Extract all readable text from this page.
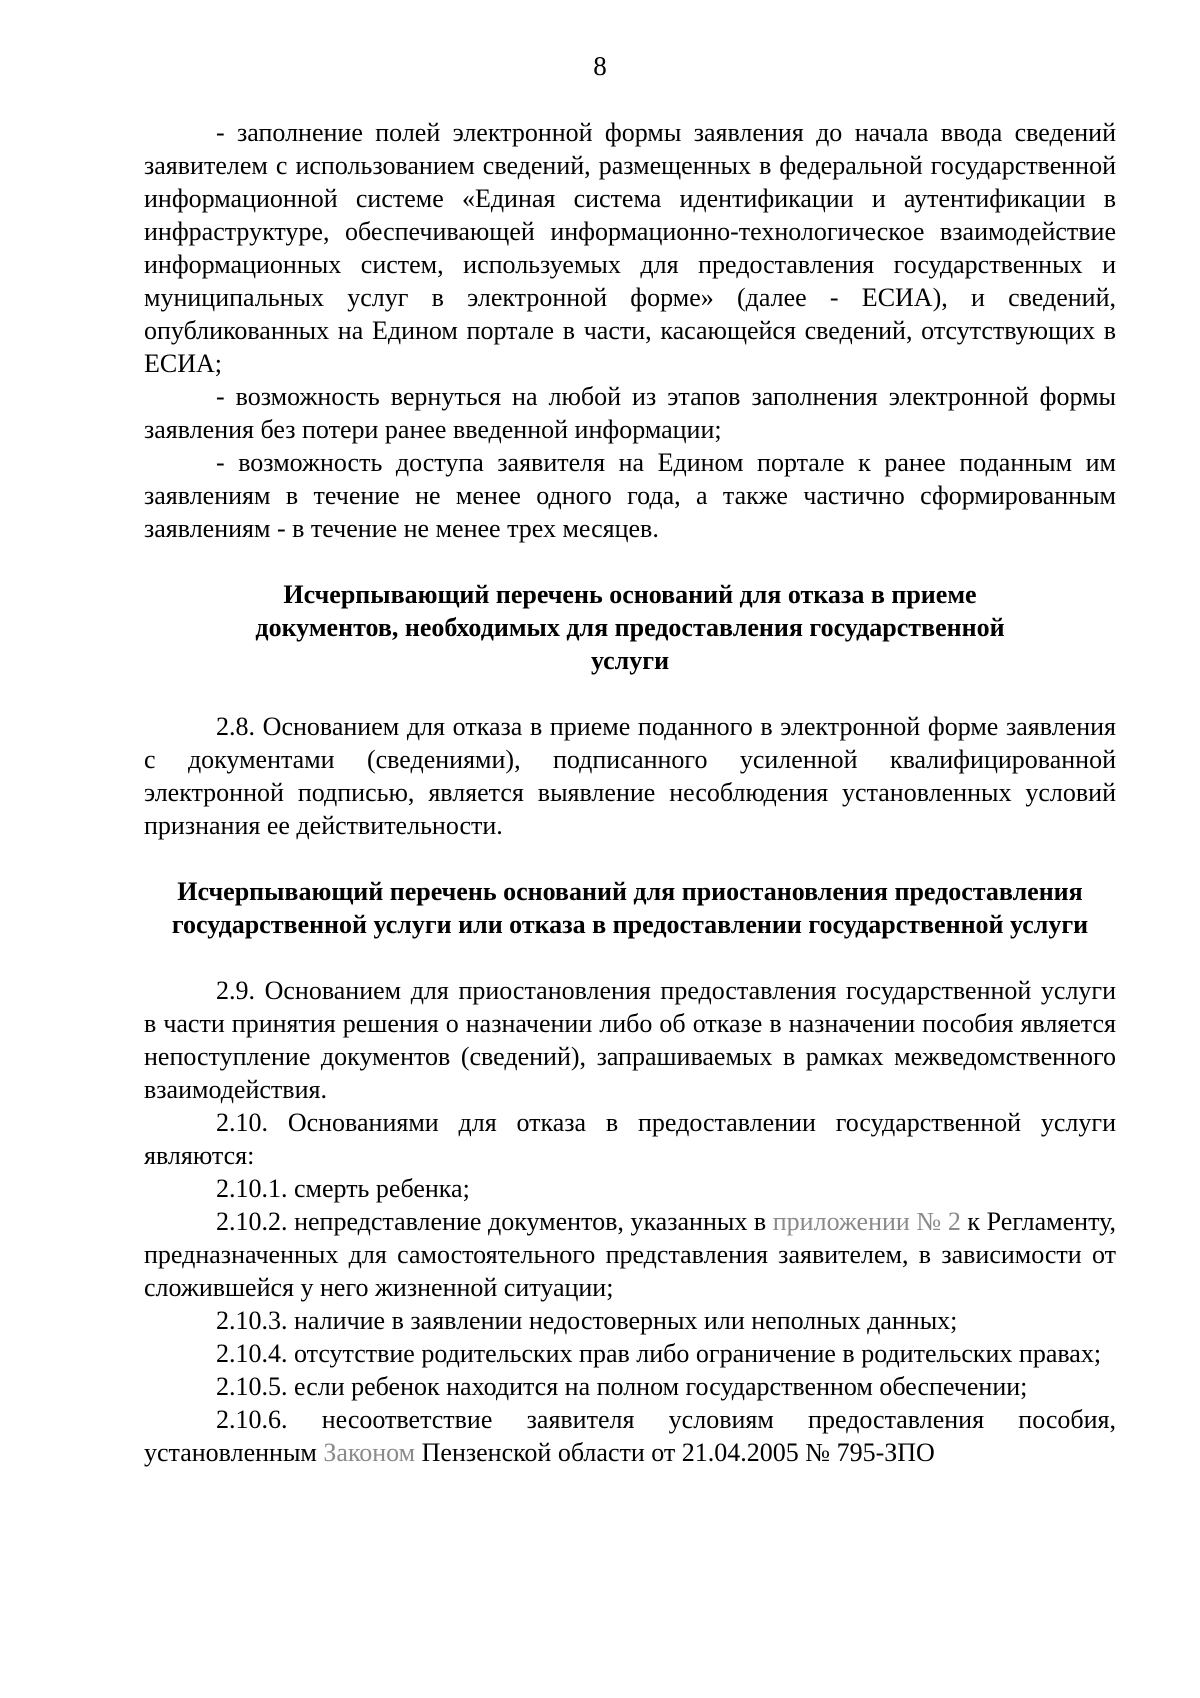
8

- заполнение полей электронной формы заявления до начала ввода сведений заявителем с использованием сведений, размещенных в федеральной государственной информационной системе «Единая система идентификации и аутентификации в инфраструктуре, обеспечивающей информационно-технологическое взаимодействие информационных систем, используемых для предоставления государственных и муниципальных услуг в электронной форме» (далее - ЕСИА), и сведений, опубликованных на Едином портале в части, касающейся сведений, отсутствующих в ЕСИА;

- возможность вернуться на любой из этапов заполнения электронной формы заявления без потери ранее введенной информации;

- возможность доступа заявителя на Едином портале к ранее поданным им заявлениям в течение не менее одного года, а также частично сформированным заявлениям - в течение не менее трех месяцев.

Исчерпывающий перечень оснований для отказа в приеме документов, необходимых для предоставления государственной услуги

2.8. Основанием для отказа в приеме поданного в электронной форме заявления с документами (сведениями), подписанного усиленной квалифицированной электронной подписью, является выявление несоблюдения установленных условий признания ее действительности.

Исчерпывающий перечень оснований для приостановления предоставления государственной услуги или отказа в предоставлении государственной услуги

2.9. Основанием для приостановления предоставления государственной услуги в части принятия решения о назначении либо об отказе в назначении пособия является непоступление документов (сведений), запрашиваемых в рамках межведомственного взаимодействия.

2.10. Основаниями для отказа в предоставлении государственной услуги являются:

2.10.1. смерть ребенка;

2.10.2. непредставление документов, указанных в приложении № 2 к Регламенту, предназначенных для самостоятельного представления заявителем, в зависимости от сложившейся у него жизненной ситуации;

2.10.3. наличие в заявлении недостоверных или неполных данных;

2.10.4. отсутствие родительских прав либо ограничение в родительских правах;

2.10.5. если ребенок находится на полном государственном обеспечении;

2.10.6. несоответствие заявителя условиям предоставления пособия, установленным Законом Пензенской области от 21.04.2005 № 795-ЗПО
